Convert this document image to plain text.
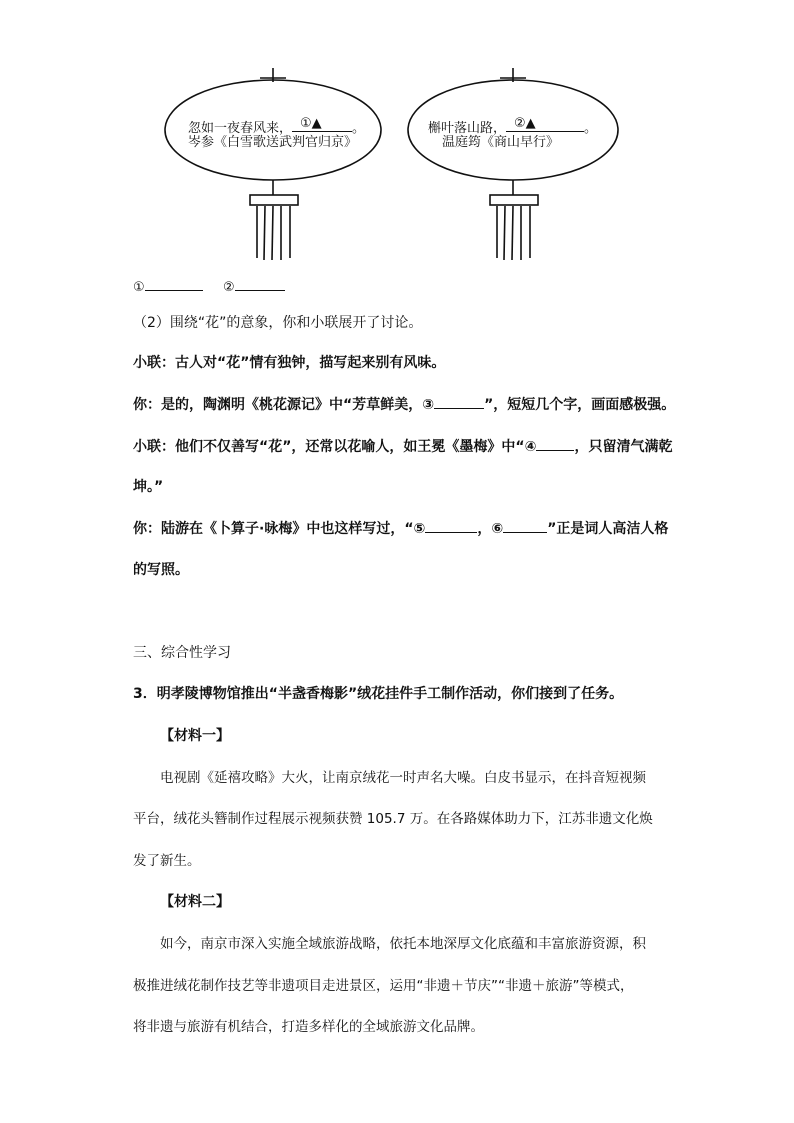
忽如一夜春风来， ①▲ 。
岑参《白雪歌送武判官归京》
槲叶落山路， ②▲	。
温庭筠《商山早行》
①	②
（2）围绕“花”的意象，你和小联展开了讨论。
小联：古人对“花”情有独钟，描写起来别有风味。
你：是的，陶渊明《桃花源记》中“芳草鲜美，③	”，短短几个字，画面感极强。
小联：他们不仅善写“花”，还常以花喻人，如王冕《墨梅》中“④	，只留清气满乾
坤。”
你：陆游在《卜算子·咏梅》中也这样写过，“⑤	，⑥	”正是词人高洁人格
的写照。
三、综合性学习
3．明孝陵博物馆推出“半盏香梅影”绒花挂件手工制作活动，你们接到了任务。
【材料一】
电视剧《延禧攻略》大火，让南京绒花一时声名大噪。白皮书显示，在抖音短视频
平台，绒花头簪制作过程展示视频获赞 105.7 万。在各路媒体助力下，江苏非遗文化焕
发了新生。
【材料二】
如今，南京市深入实施全域旅游战略，依托本地深厚文化底蕴和丰富旅游资源，积
极推进绒花制作技艺等非遗项目走进景区，运用“非遗＋节庆”“非遗＋旅游”等模式，
将非遗与旅游有机结合，打造多样化的全域旅游文化品牌。
